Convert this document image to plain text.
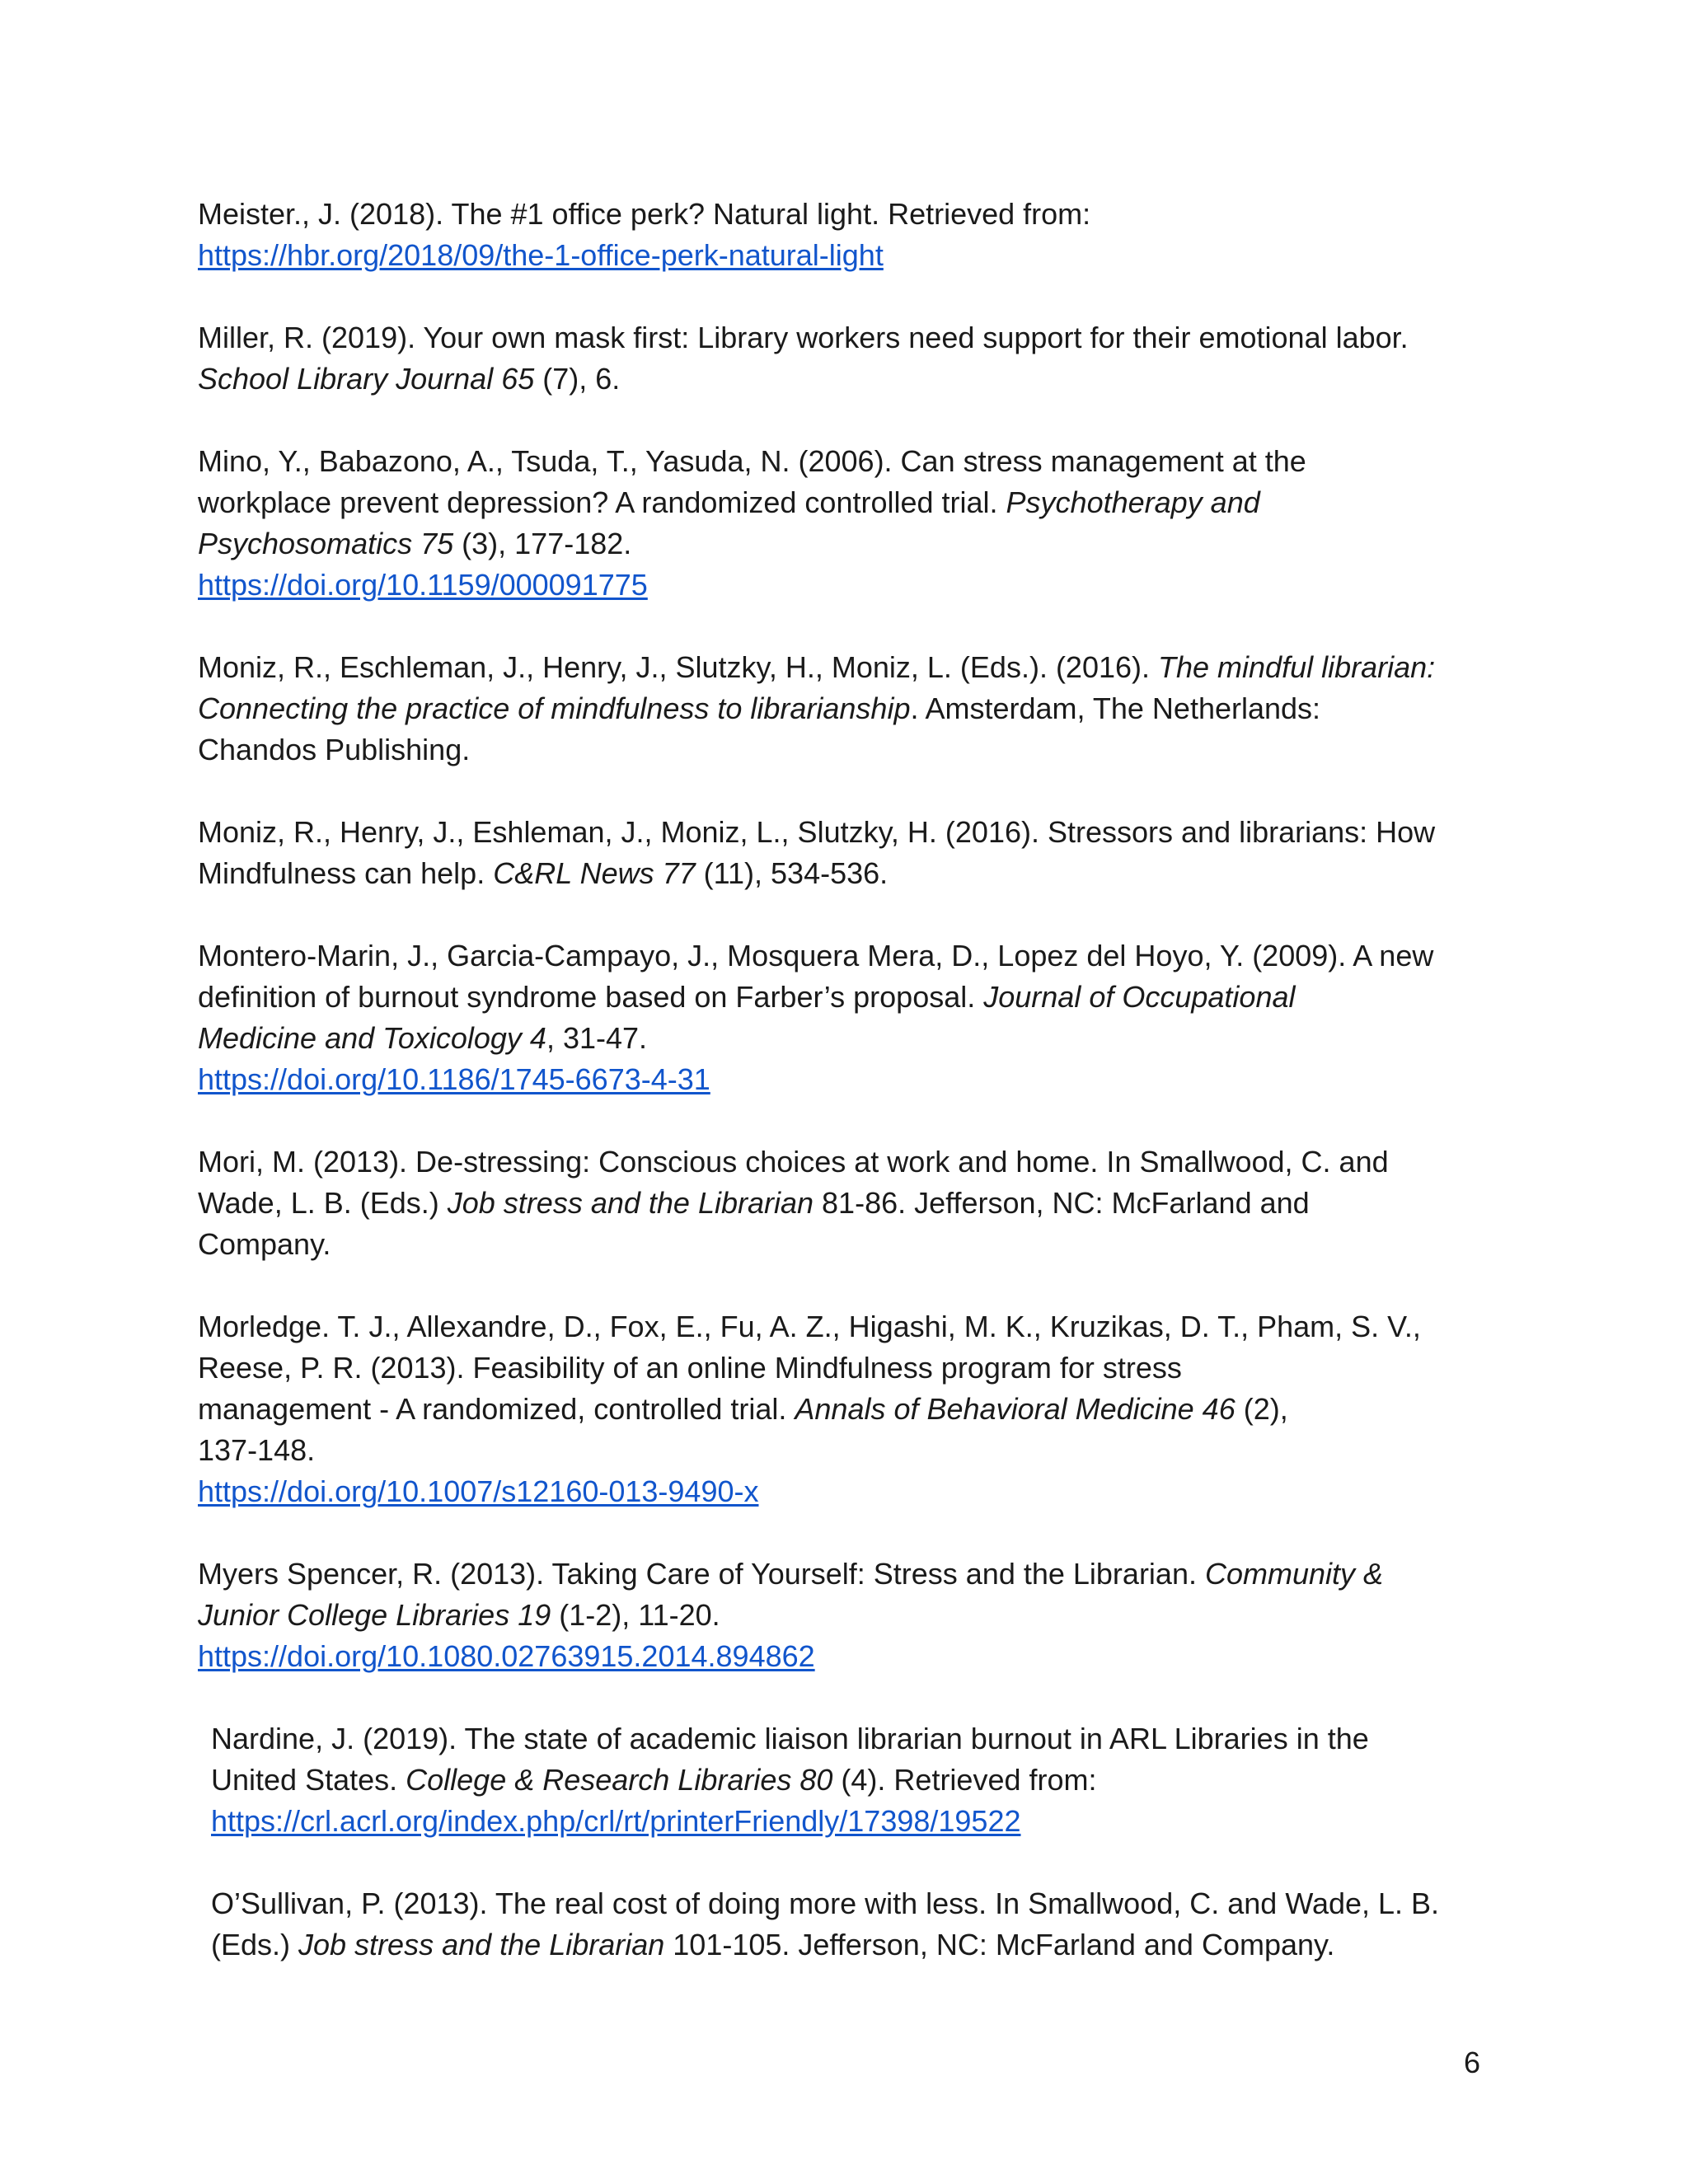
Meister., J. (2018). The #1 office perk? Natural light. Retrieved from:
https://hbr.org/2018/09/the-1-office-perk-natural-light
Miller, R. (2019). Your own mask first: Library workers need support for their emotional labor.
School Library Journal 65 (7), 6.
Mino, Y., Babazono, A., Tsuda, T., Yasuda, N. (2006). Can stress management at the
workplace prevent depression? A randomized controlled trial. Psychotherapy and
Psychosomatics 75 (3), 177-182.
https://doi.org/10.1159/000091775
Moniz, R., Eschleman, J., Henry, J., Slutzky, H., Moniz, L. (Eds.). (2016). The mindful librarian:
Connecting the practice of mindfulness to librarianship. Amsterdam, The Netherlands:
Chandos Publishing.
Moniz, R., Henry, J., Eshleman, J., Moniz, L., Slutzky, H. (2016). Stressors and librarians: How
Mindfulness can help. C&RL News 77 (11), 534-536.
Montero-Marin, J., Garcia-Campayo, J., Mosquera Mera, D., Lopez del Hoyo, Y. (2009). A new
definition of burnout syndrome based on Farber’s proposal. Journal of Occupational
Medicine and Toxicology 4, 31-47.
https://doi.org/10.1186/1745-6673-4-31
Mori, M. (2013). De-stressing: Conscious choices at work and home. In Smallwood, C. and
Wade, L. B. (Eds.) Job stress and the Librarian 81-86. Jefferson, NC: McFarland and
Company.
Morledge. T. J., Allexandre, D., Fox, E., Fu, A. Z., Higashi, M. K., Kruzikas, D. T., Pham, S. V.,
Reese, P. R. (2013). Feasibility of an online Mindfulness program for stress
management - A randomized, controlled trial. Annals of Behavioral Medicine 46 (2),
137-148.
https://doi.org/10.1007/s12160-013-9490-x
Myers Spencer, R. (2013). Taking Care of Yourself: Stress and the Librarian. Community &
Junior College Libraries 19 (1-2), 11-20.
https://doi.org/10.1080.02763915.2014.894862
Nardine, J. (2019). The state of academic liaison librarian burnout in ARL Libraries in the
United States. College & Research Libraries 80 (4). Retrieved from:
https://crl.acrl.org/index.php/crl/rt/printerFriendly/17398/19522
O’Sullivan, P. (2013). The real cost of doing more with less. In Smallwood, C. and Wade, L. B.
(Eds.) Job stress and the Librarian 101-105. Jefferson, NC: McFarland and Company.
6
